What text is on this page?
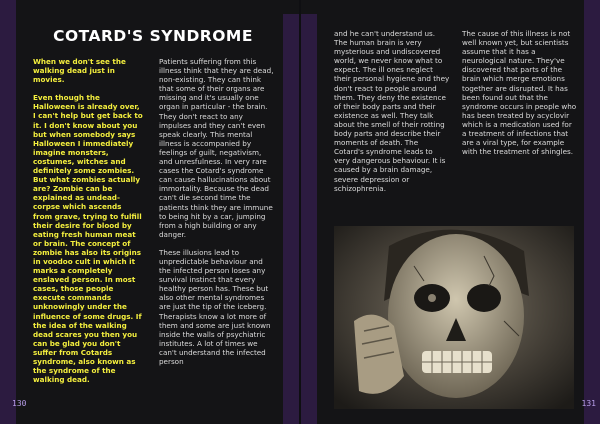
130
COTARD'S SYNDROME

When we don't see the walking dead just in movies.

Even though the Halloween is already over, I can't help but get back to it. I don't know about you but when somebody says Halloween I immediately imagine monsters, costumes, witches and definitely some zombies. But what zombies actually are? Zombie can be explained as undead-corpse which ascends from grave, trying to fulfill their desire for blood by eating fresh human meat or brain. The concept of zombie has also its origins in voodoo cult in which it marks a completely enslaved person. In most cases, those people execute commands unknowingly under the influence of some drugs. If the idea of the walking dead scares you then you can be glad you don't suffer from Cotards syndrome, also known as the syndrome of the walking dead.

Patients suffering from this illness think that they are dead, non-existing. They can think that some of their organs are missing and it's usually one organ in particular - the brain. They don't react to any impulses and they can't even speak clearly. This mental illness is accompanied by feelings of guilt, negativism, and unresfulness. In very rare cases the Cotard's syndrome can cause hallucinations about immortality. Because the dead can't die second time the patients think they are immune to being hit by a car, jumping from a high building or any danger.

These illusions lead to unpredictable behaviour and the infected person loses any survival instinct that every healthy person has. These but also other mental syndromes are just the tip of the iceberg. Therapists know a lot more of them and some are just known inside the walls of psychiatric institutes. A lot of times we can't understand the infected person

131

and he can't understand us. The human brain is very mysterious and undiscovered world, we never know what to expect. The ill ones neglect their personal hygiene and they don't react to people around them. They deny the existence of their body parts and their existence as well. They talk about the smell of their rotting body parts and describe their moments of death. The Cotard's syndrome leads to very dangerous behaviour. It is caused by a brain damage, severe depression or schizophrenia.

The cause of this illness is not well known yet, but scientists assume that it has a neurological nature. They've discovered that parts of the brain which merge emotions together are disrupted. It has been found out that the syndrome occurs in people who has been treated by acyclovir which is a medication used for a treatment of infections that are a viral type, for example with the treatment of shingles.
